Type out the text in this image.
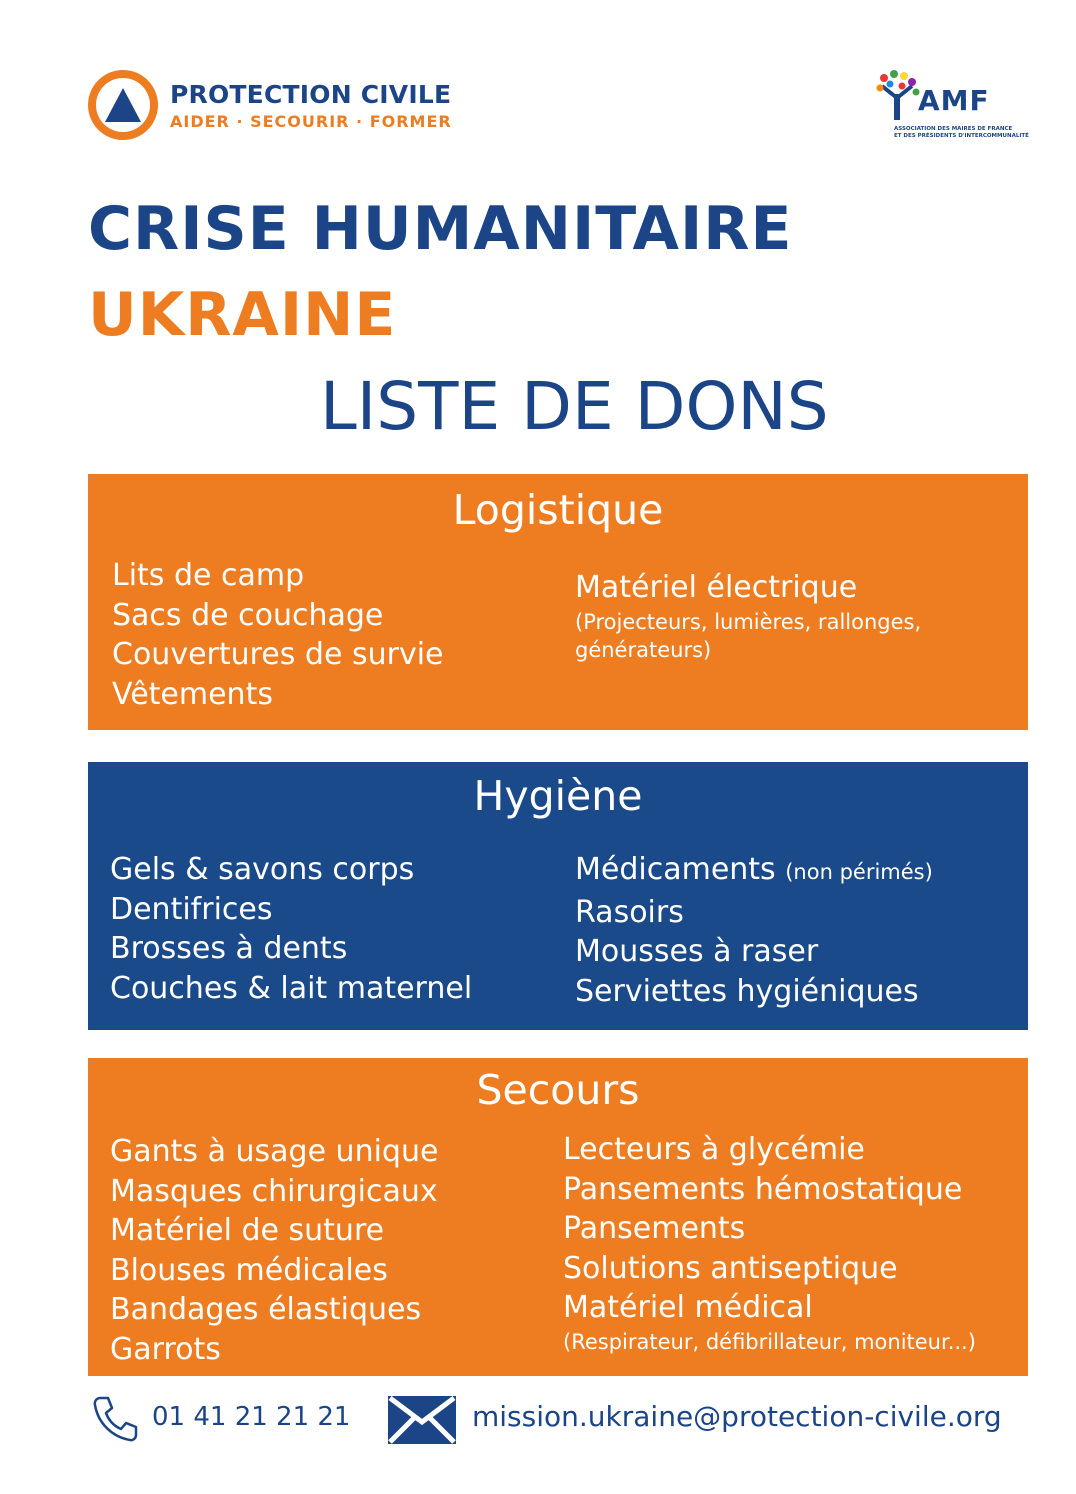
PROTECTION CIVILE
AIDER · SECOURIR · FORMER
AMF
ASSOCIATION DES MAIRES DE FRANCE
ET DES PRÉSIDENTS D'INTERCOMMUNALITÉ
CRISE HUMANITAIRE
UKRAINE
LISTE DE DONS
Logistique
Lits de camp
Sacs de couchage
Couvertures de survie
Vêtements
Matériel électrique
(Projecteurs, lumières, rallonges,
générateurs)
Hygiène
Gels & savons corps
Dentifrices
Brosses à dents
Couches & lait maternel
Médicaments (non périmés)
Rasoirs
Mousses à raser
Serviettes hygiéniques
Secours
Gants à usage unique
Masques chirurgicaux
Matériel de suture
Blouses médicales
Bandages élastiques
Garrots
Lecteurs à glycémie
Pansements hémostatique
Pansements
Solutions antiseptique
Matériel médical
(Respirateur, défibrillateur, moniteur...)
01 41 21 21 21	mission.ukraine@protection-civile.org
